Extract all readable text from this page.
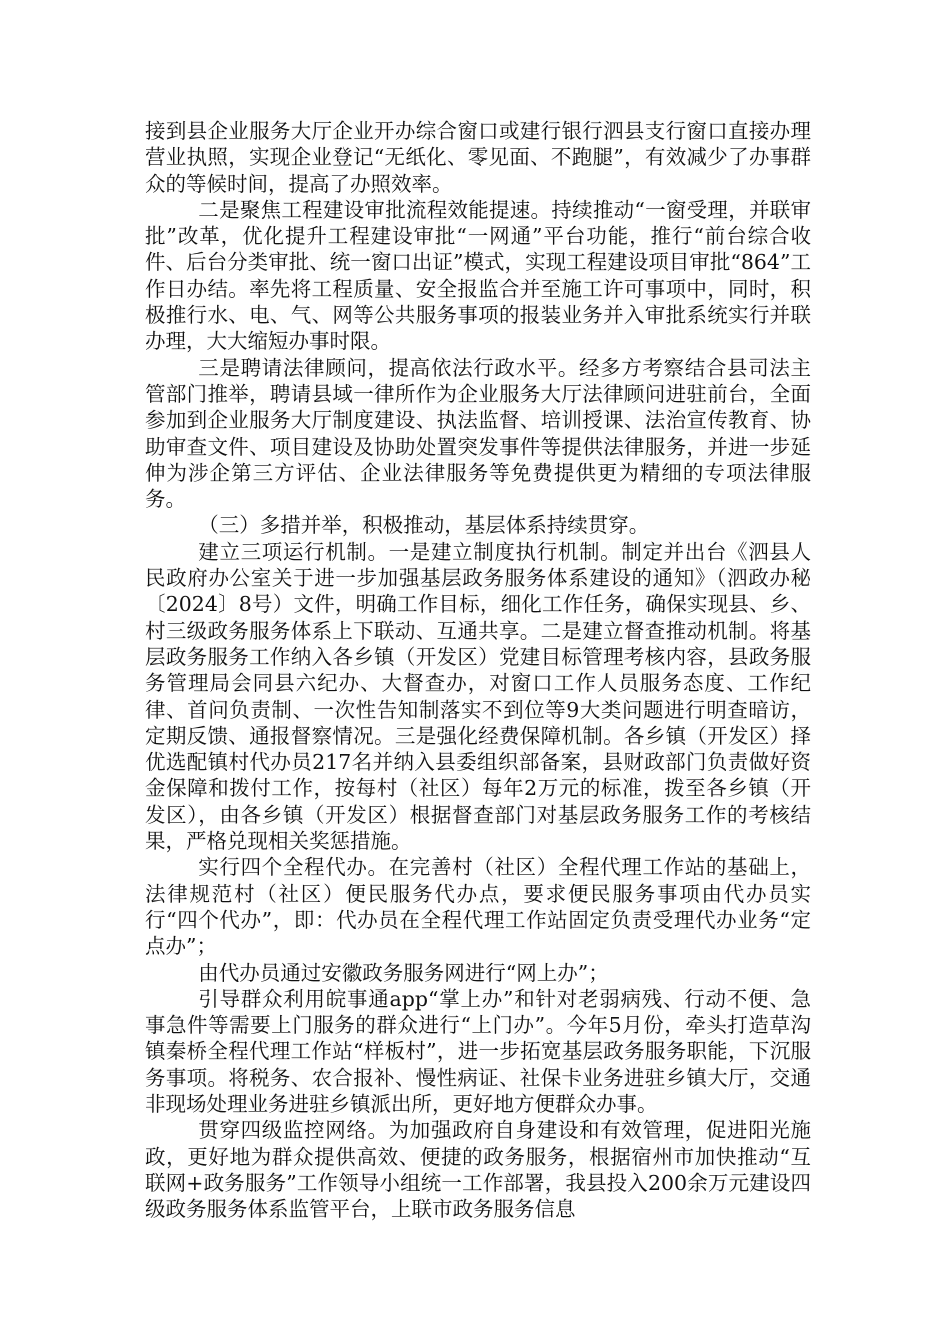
接到县企业服务大厅企业开办综合窗口或建行银行泗县支行窗口直接办理营业执照，实现企业登记“无纸化、零见面、不跑腿”，有效减少了办事群众的等候时间，提高了办照效率。

二是聚焦工程建设审批流程效能提速。持续推动“一窗受理，并联审批”改革，优化提升工程建设审批“一网通”平台功能，推行“前台综合收件、后台分类审批、统一窗口出证”模式，实现工程建设项目审批“864”工作日办结。率先将工程质量、安全报监合并至施工许可事项中，同时，积极推行水、电、气、网等公共服务事项的报装业务并入审批系统实行并联办理，大大缩短办事时限。

三是聘请法律顾问，提高依法行政水平。经多方考察结合县司法主管部门推举，聘请县域一律所作为企业服务大厅法律顾问进驻前台，全面参加到企业服务大厅制度建设、执法监督、培训授课、法治宣传教育、协助审查文件、项目建设及协助处置突发事件等提供法律服务，并进一步延伸为涉企第三方评估、企业法律服务等免费提供更为精细的专项法律服务。

（三）多措并举，积极推动，基层体系持续贯穿。

建立三项运行机制。一是建立制度执行机制。制定并出台《泗县人民政府办公室关于进一步加强基层政务服务体系建设的通知》（泗政办秘〔2024〕8号）文件，明确工作目标，细化工作任务，确保实现县、乡、村三级政务服务体系上下联动、互通共享。二是建立督查推动机制。将基层政务服务工作纳入各乡镇（开发区）党建目标管理考核内容，县政务服务管理局会同县六纪办、大督查办，对窗口工作人员服务态度、工作纪律、首问负责制、一次性告知制落实不到位等9大类问题进行明查暗访，定期反馈、通报督察情况。三是强化经费保障机制。各乡镇（开发区）择优选配镇村代办员217名并纳入县委组织部备案，县财政部门负责做好资金保障和拨付工作，按每村（社区）每年2万元的标准，拨至各乡镇（开发区），由各乡镇（开发区）根据督查部门对基层政务服务工作的考核结果，严格兑现相关奖惩措施。

实行四个全程代办。在完善村（社区）全程代理工作站的基础上，法律规范村（社区）便民服务代办点，要求便民服务事项由代办员实行“四个代办”，即：代办员在全程代理工作站固定负责受理代办业务“定点办”；

由代办员通过安徽政务服务网进行“网上办”；

引导群众利用皖事通app“掌上办”和针对老弱病残、行动不便、急事急件等需要上门服务的群众进行“上门办”。今年5月份，牵头打造草沟镇秦桥全程代理工作站“样板村”，进一步拓宽基层政务服务职能，下沉服务事项。将税务、农合报补、慢性病证、社保卡业务进驻乡镇大厅，交通非现场处理业务进驻乡镇派出所，更好地方便群众办事。

贯穿四级监控网络。为加强政府自身建设和有效管理，促进阳光施政，更好地为群众提供高效、便捷的政务服务，根据宿州市加快推动“互联网+政务服务”工作领导小组统一工作部署，我县投入200余万元建设四级政务服务体系监管平台，上联市政务服务信息
